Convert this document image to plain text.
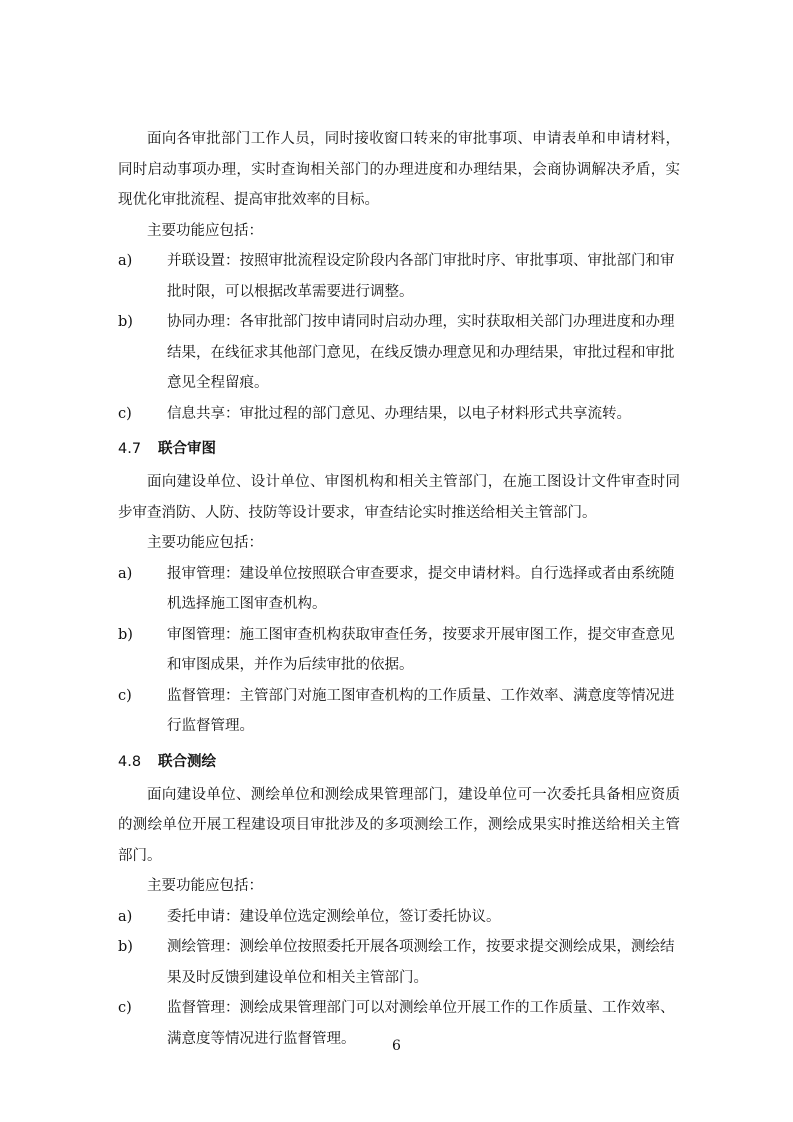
面向各审批部门工作人员，同时接收窗口转来的审批事项、申请表单和申请材料，同时启动事项办理，实时查询相关部门的办理进度和办理结果，会商协调解决矛盾，实现优化审批流程、提高审批效率的目标。

主要功能应包括：

a)	并联设置：按照审批流程设定阶段内各部门审批时序、审批事项、审批部门和审批时限，可以根据改革需要进行调整。
b)	协同办理：各审批部门按申请同时启动办理，实时获取相关部门办理进度和办理结果，在线征求其他部门意见，在线反馈办理意见和办理结果，审批过程和审批意见全程留痕。
c)	信息共享：审批过程的部门意见、办理结果，以电子材料形式共享流转。
4.7 联合审图

面向建设单位、设计单位、审图机构和相关主管部门，在施工图设计文件审查时同步审查消防、人防、技防等设计要求，审查结论实时推送给相关主管部门。

主要功能应包括：

a)	报审管理：建设单位按照联合审查要求，提交申请材料。自行选择或者由系统随机选择施工图审查机构。
b)	审图管理：施工图审查机构获取审查任务，按要求开展审图工作，提交审查意见和审图成果，并作为后续审批的依据。
c)	监督管理：主管部门对施工图审查机构的工作质量、工作效率、满意度等情况进行监督管理。
4.8 联合测绘

面向建设单位、测绘单位和测绘成果管理部门，建设单位可一次委托具备相应资质的测绘单位开展工程建设项目审批涉及的多项测绘工作，测绘成果实时推送给相关主管部门。

主要功能应包括：

a)	委托申请：建设单位选定测绘单位，签订委托协议。
b)	测绘管理：测绘单位按照委托开展各项测绘工作，按要求提交测绘成果，测绘结果及时反馈到建设单位和相关主管部门。
c)	监督管理：测绘成果管理部门可以对测绘单位开展工作的工作质量、工作效率、满意度等情况进行监督管理。	6
